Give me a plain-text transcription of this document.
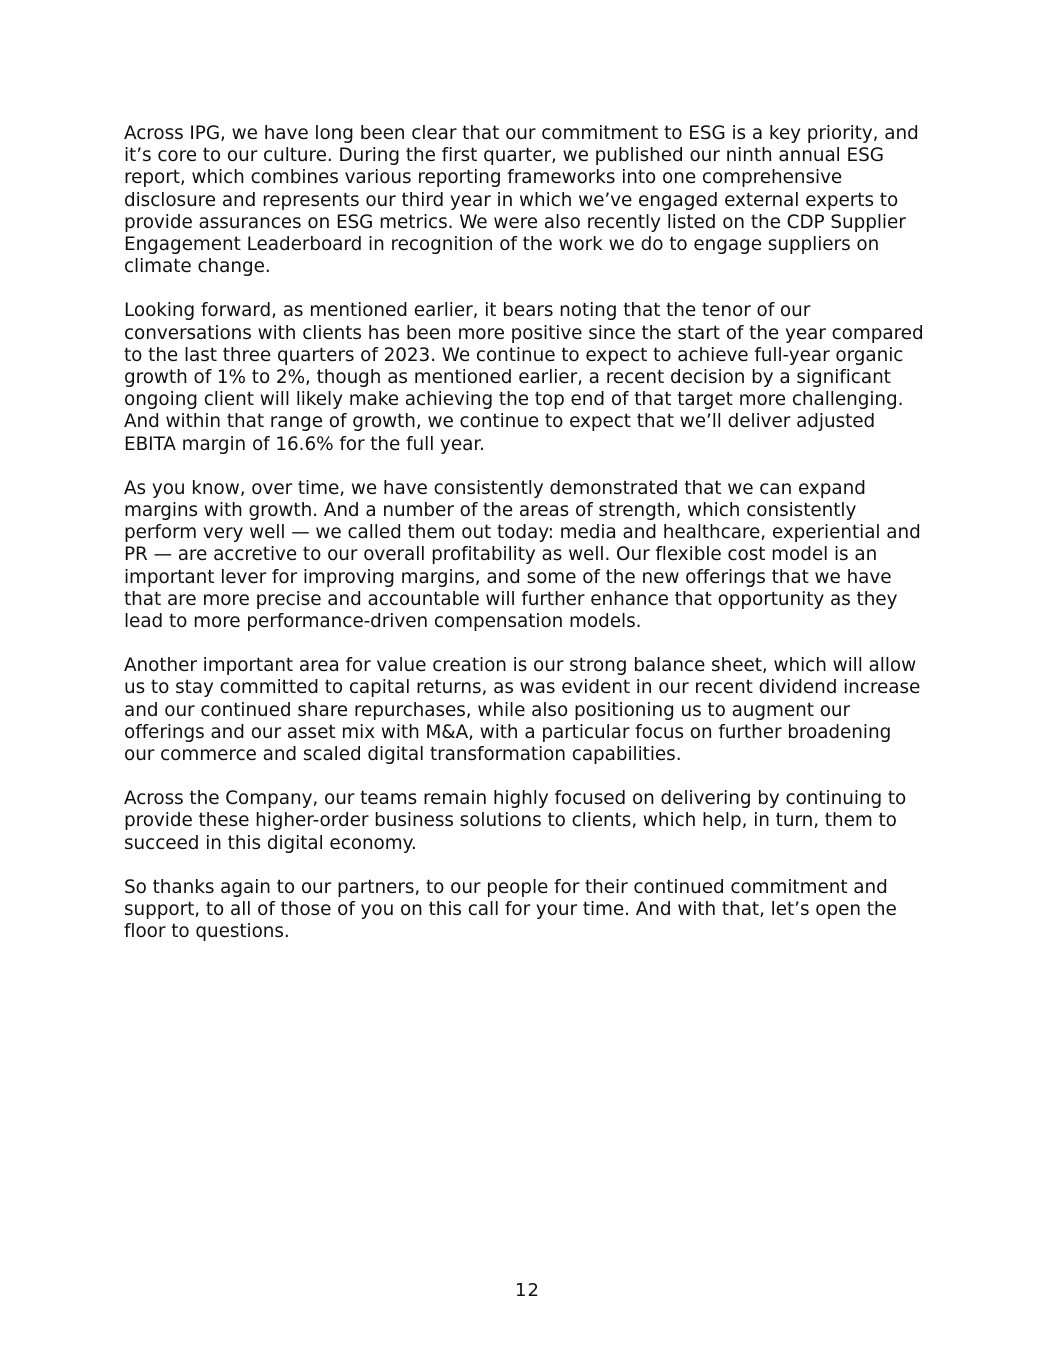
Across IPG, we have long been clear that our commitment to ESG is a key priority, and it’s core to our culture. During the first quarter, we published our ninth annual ESG report, which combines various reporting frameworks into one comprehensive disclosure and represents our third year in which we’ve engaged external experts to provide assurances on ESG metrics. We were also recently listed on the CDP Supplier Engagement Leaderboard in recognition of the work we do to engage suppliers on climate change.

Looking forward, as mentioned earlier, it bears noting that the tenor of our conversations with clients has been more positive since the start of the year compared to the last three quarters of 2023. We continue to expect to achieve full-year organic growth of 1% to 2%, though as mentioned earlier, a recent decision by a significant ongoing client will likely make achieving the top end of that target more challenging. And within that range of growth, we continue to expect that we’ll deliver adjusted EBITA margin of 16.6% for the full year.

As you know, over time, we have consistently demonstrated that we can expand margins with growth. And a number of the areas of strength, which consistently perform very well — we called them out today: media and healthcare, experiential and PR — are accretive to our overall profitability as well. Our flexible cost model is an important lever for improving margins, and some of the new offerings that we have that are more precise and accountable will further enhance that opportunity as they lead to more performance-driven compensation models.

Another important area for value creation is our strong balance sheet, which will allow us to stay committed to capital returns, as was evident in our recent dividend increase and our continued share repurchases, while also positioning us to augment our offerings and our asset mix with M&A, with a particular focus on further broadening our commerce and scaled digital transformation capabilities.

Across the Company, our teams remain highly focused on delivering by continuing to provide these higher-order business solutions to clients, which help, in turn, them to succeed in this digital economy.

So thanks again to our partners, to our people for their continued commitment and support, to all of those of you on this call for your time. And with that, let’s open the floor to questions.

12
